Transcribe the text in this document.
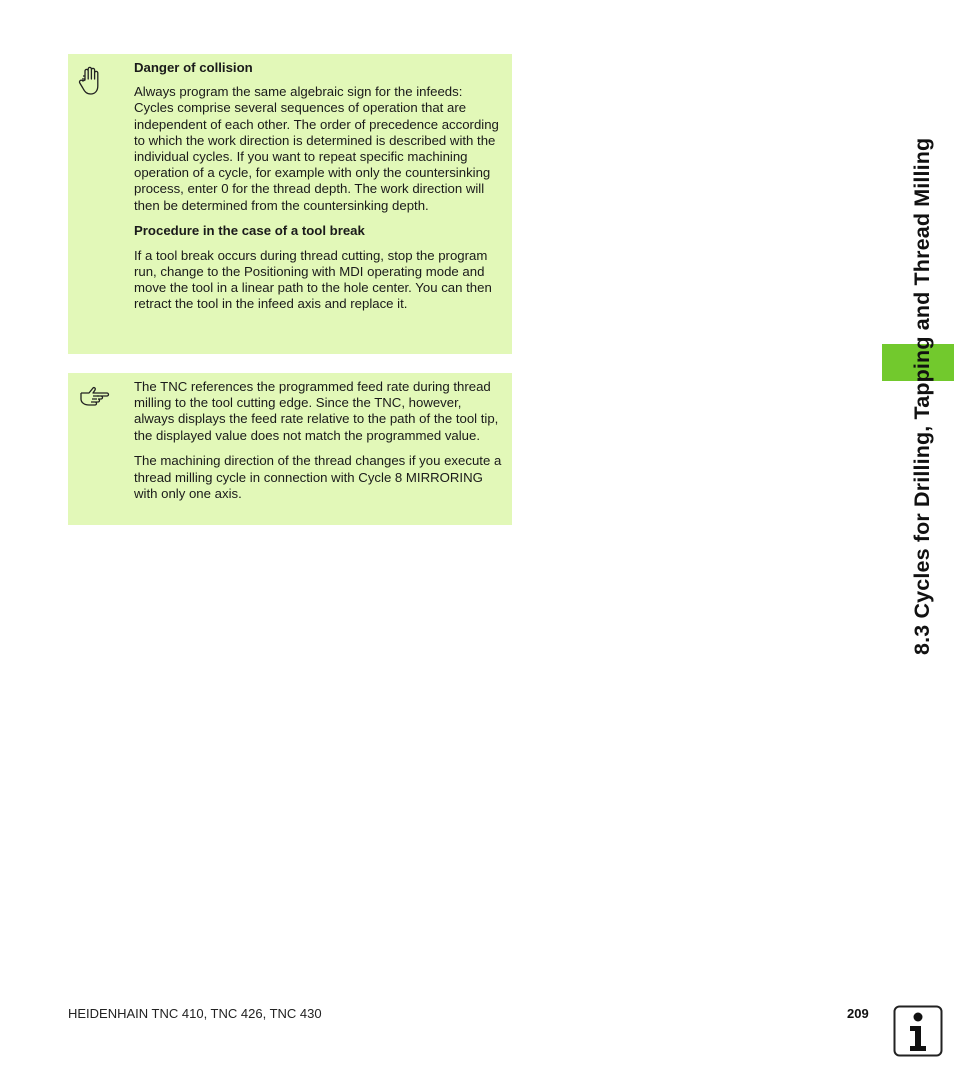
Danger of collision

Always program the same algebraic sign for the infeeds: Cycles comprise several sequences of operation that are independent of each other. The order of precedence according to which the work direction is determined is described with the individual cycles. If you want to repeat specific machining operation of a cycle, for example with only the countersinking process, enter 0 for the thread depth. The work direction will then be determined from the countersinking depth.

Procedure in the case of a tool break

If a tool break occurs during thread cutting, stop the program run, change to the Positioning with MDI operating mode and move the tool in a linear path to the hole center. You can then retract the tool in the infeed axis and replace it.

The TNC references the programmed feed rate during thread milling to the tool cutting edge. Since the TNC, however, always displays the feed rate relative to the path of the tool tip, the displayed value does not match the programmed value.

The machining direction of the thread changes if you execute a thread milling cycle in connection with Cycle 8 MIRRORING with only one axis.	8.3 Cycles for Drilling, Tapping and Thread Milling
HEIDENHAIN TNC 410, TNC 426, TNC 430	209
